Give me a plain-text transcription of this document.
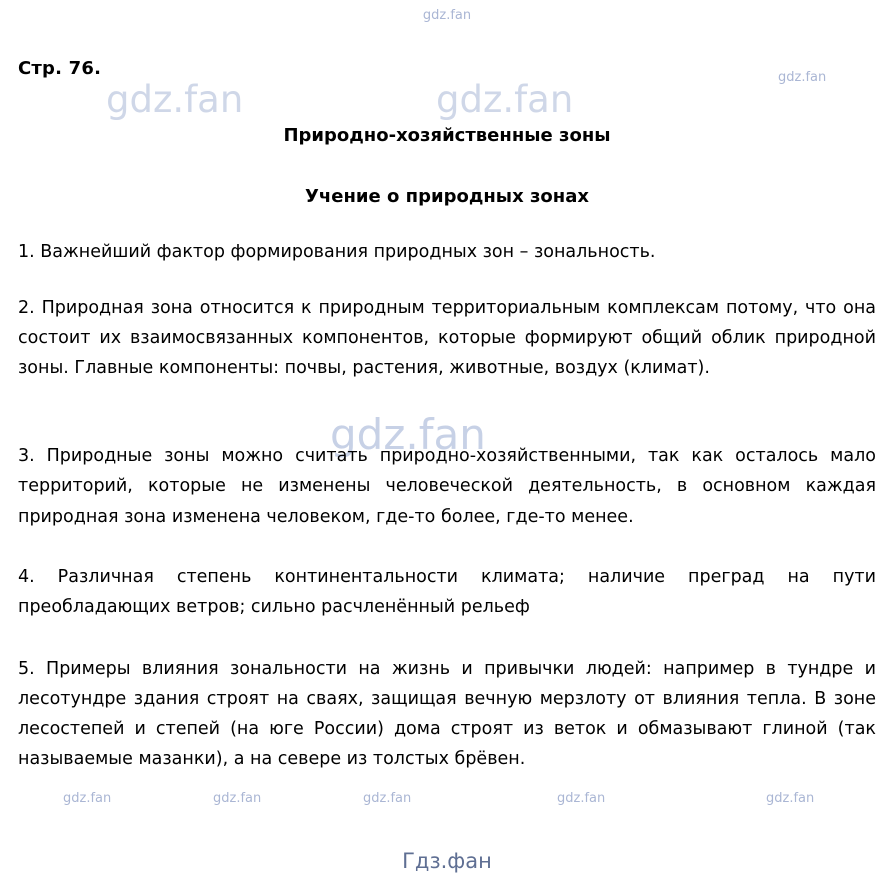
gdz.fan
gdz.fan	gdz.fan
gdz.fan
gdz.fan
gdz.fan	gdz.fan	gdz.fan	gdz.fan	gdz.fan
Гдз.фан
Стр. 76.
Природно-хозяйственные зоны
Учение о природных зонах
1. Важнейший фактор формирования природных зон – зональность.
2. Природная зона относится к природным территориальным комплексам потому, что она состоит их взаимосвязанных компонентов, которые формируют общий облик природной зоны. Главные компоненты: почвы, растения, животные, воздух (климат).
3. Природные зоны можно считать природно-хозяйственными, так как осталось мало территорий, которые не изменены человеческой деятельность, в основном каждая природная зона изменена человеком, где-то более, где-то менее.
4. Различная степень континентальности климата; наличие преград на пути преобладающих ветров; сильно расчленённый рельеф
5. Примеры влияния зональности на жизнь и привычки людей: например в тундре и лесотундре здания строят на сваях, защищая вечную мерзлоту от влияния тепла. В зоне лесостепей и степей (на юге России) дома строят из веток и обмазывают глиной (так называемые мазанки), а на севере из толстых брёвен.
